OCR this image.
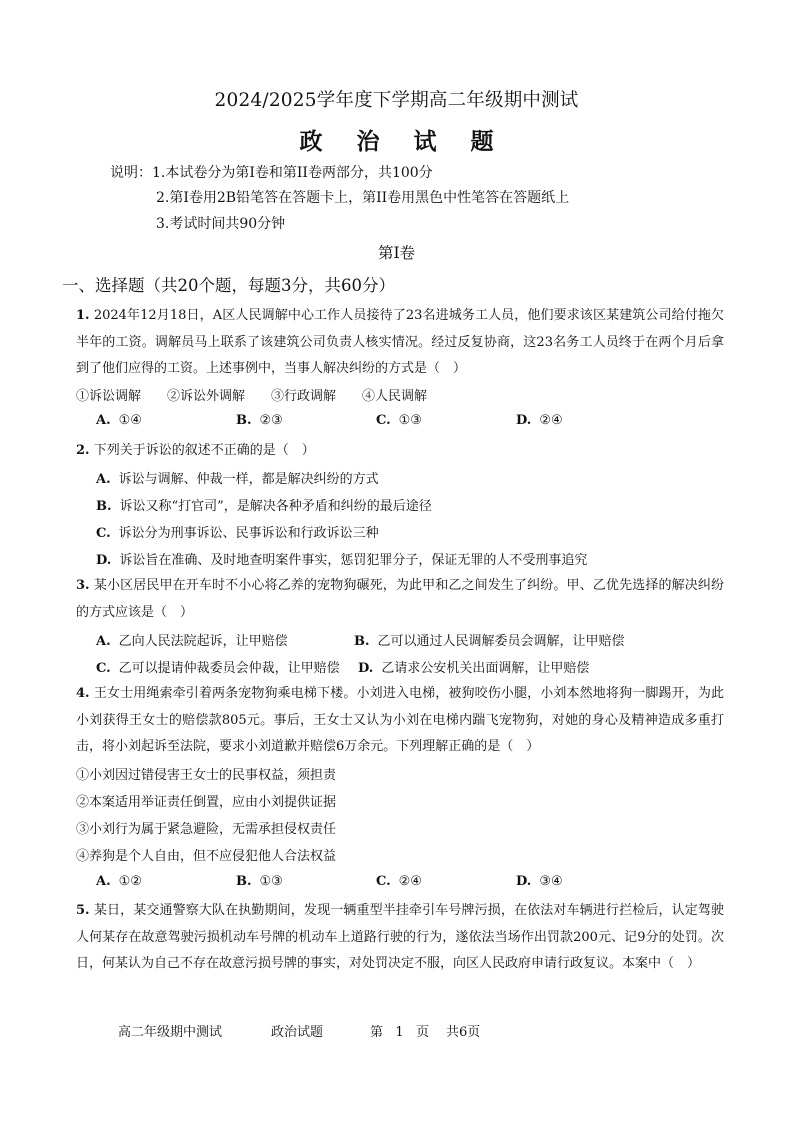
2024/2025学年度下学期高二年级期中测试
政治试题
说明： 1.本试卷分为第Ⅰ卷和第II卷两部分，共100分
2.第Ⅰ卷用2B铅笔答在答题卡上，第II卷用黑色中性笔答在答题纸上
3.考试时间共90分钟
第Ⅰ卷
一、选择题（共20个题，每题3分，共60分）
1. 2024年12月18日，A区人民调解中心工作人员接待了23名进城务工人员，他们要求该区某建筑公司给付拖欠半年的工资。调解员马上联系了该建筑公司负责人核实情况。经过反复协商，这23名务工人员终于在两个月后拿到了他们应得的工资。上述事例中，当事人解决纠纷的方式是（　）
①诉讼调解　　②诉讼外调解　　③行政调解　　④人民调解
A. ①④	B. ②③	C. ①③	D. ②④
2. 下列关于诉讼的叙述不正确的是（　）
A. 诉讼与调解、仲裁一样，都是解决纠纷的方式
B. 诉讼又称“打官司”，是解决各种矛盾和纠纷的最后途径
C. 诉讼分为刑事诉讼、民事诉讼和行政诉讼三种
D. 诉讼旨在准确、及时地查明案件事实，惩罚犯罪分子，保证无罪的人不受刑事追究
3. 某小区居民甲在开车时不小心将乙养的宠物狗碾死，为此甲和乙之间发生了纠纷。甲、乙优先选择的解决纠纷的方式应该是（　）
A. 乙向人民法院起诉，让甲赔偿	B. 乙可以通过人民调解委员会调解，让甲赔偿
C. 乙可以提请仲裁委员会仲裁，让甲赔偿 D. 乙请求公安机关出面调解，让甲赔偿
4. 王女士用绳索牵引着两条宠物狗乘电梯下楼。小刘进入电梯，被狗咬伤小腿，小刘本然地将狗一脚踢开，为此小刘获得王女士的赔偿款805元。事后，王女士又认为小刘在电梯内踹飞宠物狗，对她的身心及精神造成多重打击，将小刘起诉至法院，要求小刘道歉并赔偿6万余元。下列理解正确的是（　）
①小刘因过错侵害王女士的民事权益，须担责
②本案适用举证责任倒置，应由小刘提供证据
③小刘行为属于紧急避险，无需承担侵权责任
④养狗是个人自由，但不应侵犯他人合法权益
A. ①②	B. ①③	C. ②④	D. ③④
5. 某日，某交通警察大队在执勤期间，发现一辆重型半挂牵引车号牌污损，在依法对车辆进行拦检后，认定驾驶人何某存在故意驾驶污损机动车号牌的机动车上道路行驶的行为，遂依法当场作出罚款200元、记9分的处罚。次日，何某认为自己不存在故意污损号牌的事实，对处罚决定不服，向区人民政府申请行政复议。本案中（　）
高二年级期中测试	政治试题	第 1 页 共6页
